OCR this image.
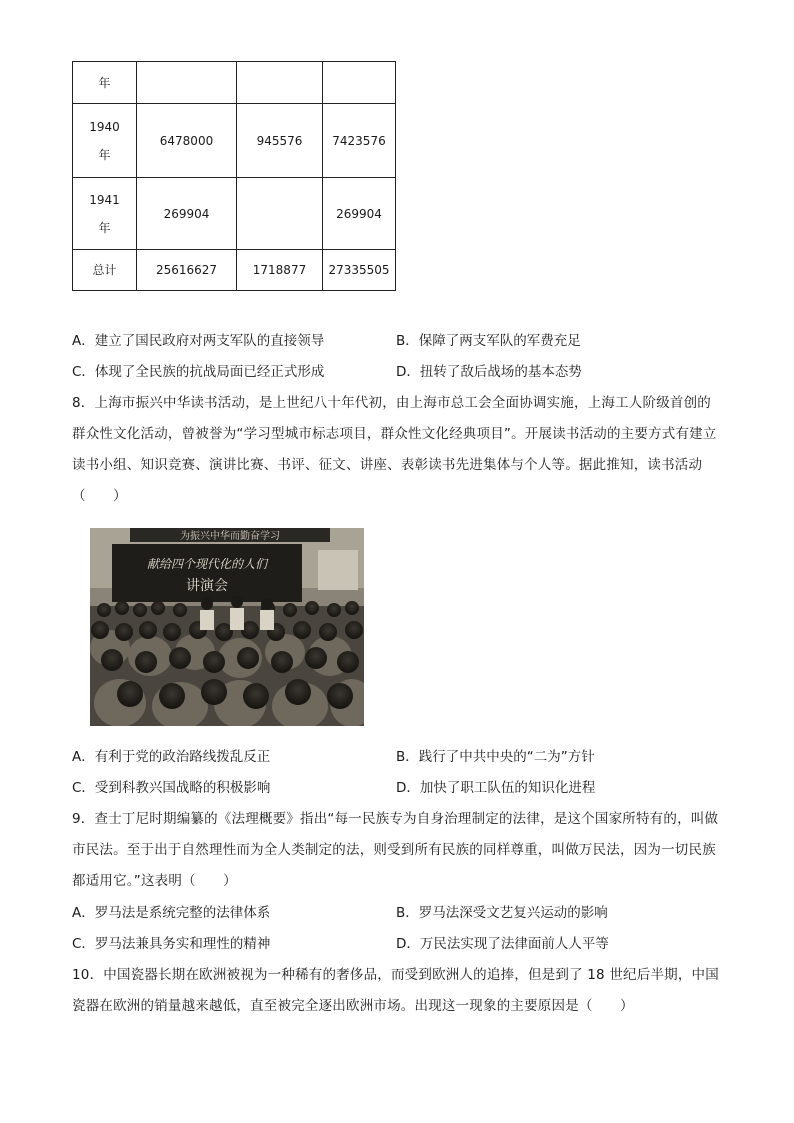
年			

1940
年	6478000	945576	7423576

1941
年	269904		269904
总计	25616627	1718877	27335505
A．建立了国民政府对两支军队的直接领导	B．保障了两支军队的军费充足
C．体现了全民族的抗战局面已经正式形成	D．扭转了敌后战场的基本态势
8．上海市振兴中华读书活动，是上世纪八十年代初，由上海市总工会全面协调实施，上海工人阶级首创的群众性文化活动，曾被誉为“学习型城市标志项目，群众性文化经典项目”。开展读书活动的主要方式有建立读书小组、知识竞赛、演讲比赛、书评、征文、讲座、表彰读书先进集体与个人等。据此推知，读书活动（　　）
为振兴中华而勤奋学习
献给四个现代化的人们
讲演会
A．有利于党的政治路线拨乱反正	B．践行了中共中央的“二为”方针
C．受到科教兴国战略的积极影响	D．加快了职工队伍的知识化进程
9．查士丁尼时期编纂的《法理概要》指出“每一民族专为自身治理制定的法律，是这个国家所特有的，叫做市民法。至于出于自然理性而为全人类制定的法，则受到所有民族的同样尊重，叫做万民法，因为一切民族都适用它。”这表明（　　）
A．罗马法是系统完整的法律体系	B．罗马法深受文艺复兴运动的影响
C．罗马法兼具务实和理性的精神	D．万民法实现了法律面前人人平等
10．中国瓷器长期在欧洲被视为一种稀有的奢侈品，而受到欧洲人的追捧，但是到了 18 世纪后半期，中国瓷器在欧洲的销量越来越低，直至被完全逐出欧洲市场。出现这一现象的主要原因是（　　）
